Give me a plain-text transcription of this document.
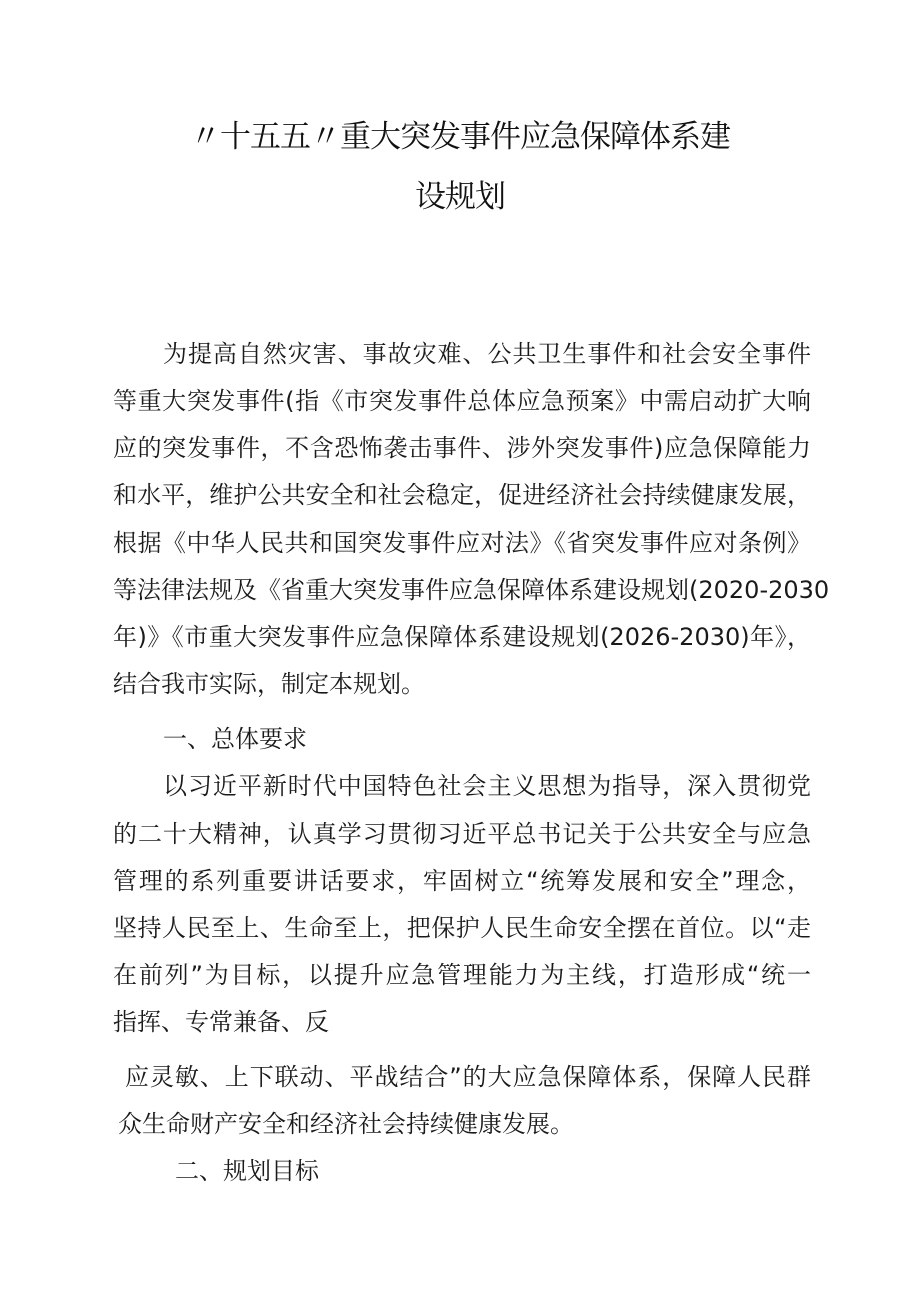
〃十五五〃重大突发事件应急保障体系建
设规划
为提高自然灾害、事故灾难、公共卫生事件和社会安全事件
等重大突发事件(指《市突发事件总体应急预案》中需启动扩大响
应的突发事件，不含恐怖袭击事件、涉外突发事件)应急保障能力
和水平，维护公共安全和社会稳定，促进经济社会持续健康发展，
根据《中华人民共和国突发事件应对法》《省突发事件应对条例》
等法律法规及《省重大突发事件应急保障体系建设规划(2020-2030
年)》《市重大突发事件应急保障体系建设规划(2026-2030)年》，
结合我市实际，制定本规划。
一、总体要求
以习近平新时代中国特色社会主义思想为指导，深入贯彻党
的二十大精神，认真学习贯彻习近平总书记关于公共安全与应急
管理的系列重要讲话要求，牢固树立“统筹发展和安全”理念，
坚持人民至上、生命至上，把保护人民生命安全摆在首位。以“走
在前列”为目标，以提升应急管理能力为主线，打造形成“统一
指挥、专常兼备、反
应灵敏、上下联动、平战结合”的大应急保障体系，保障人民群
众生命财产安全和经济社会持续健康发展。
二、规划目标
